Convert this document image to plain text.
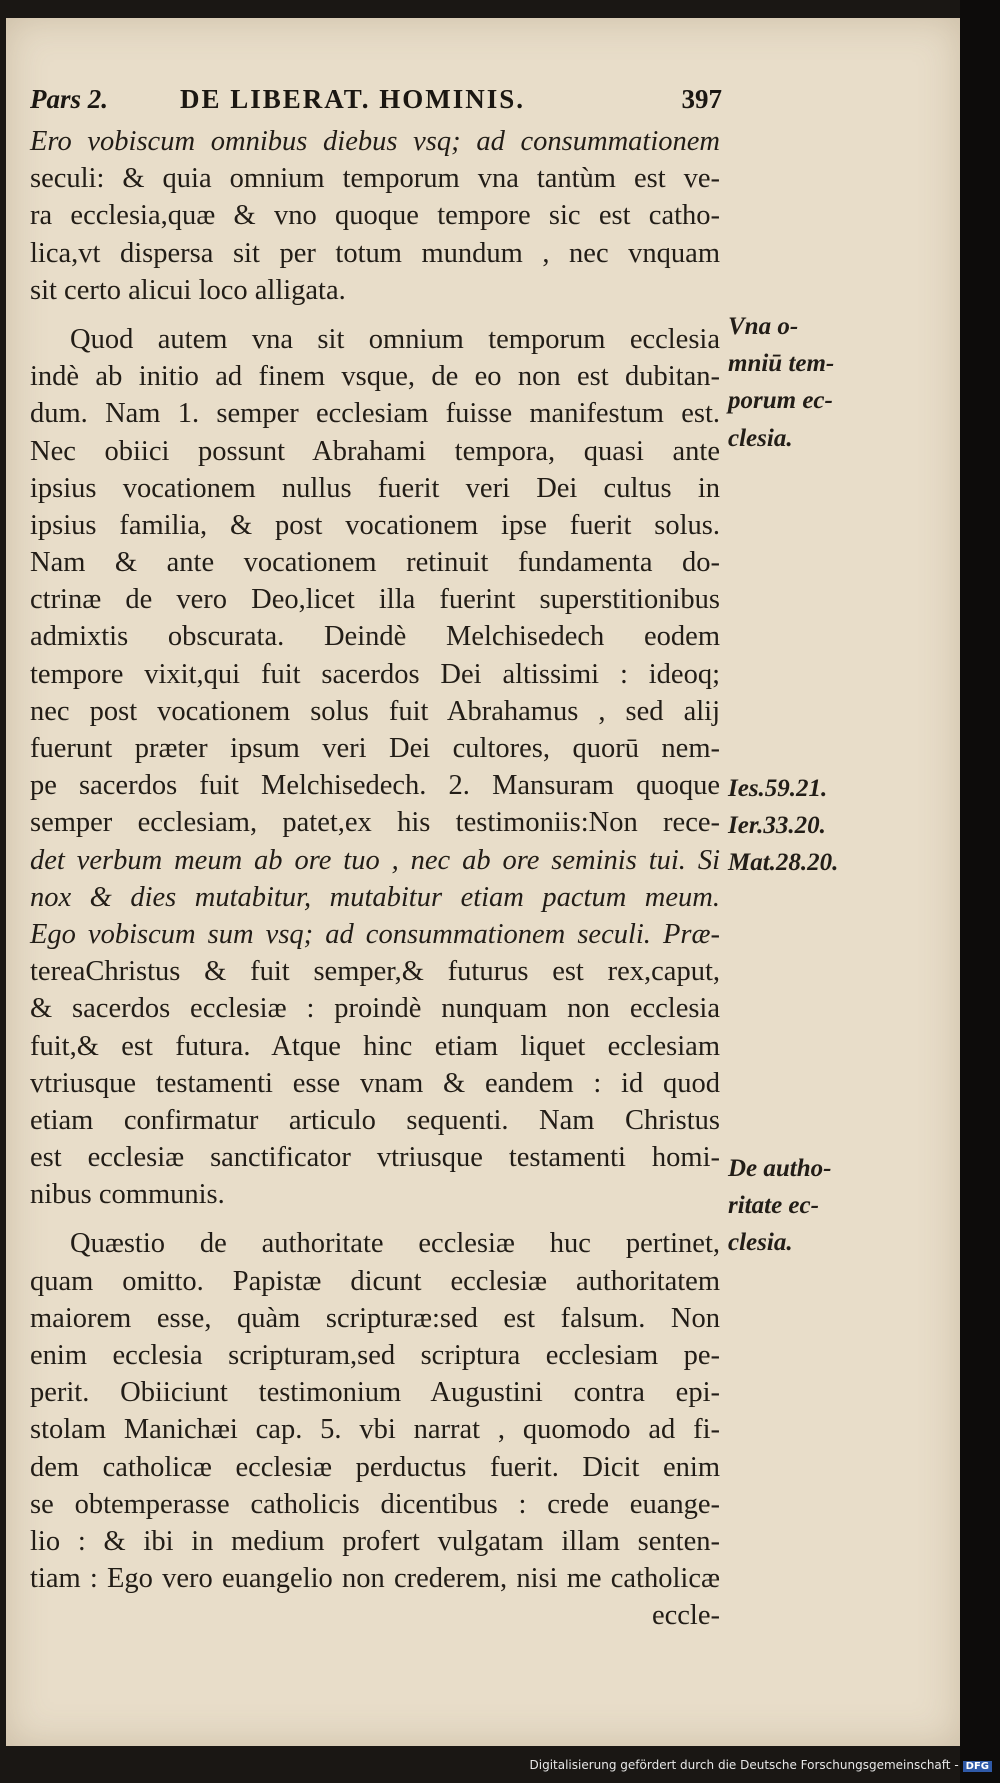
Pars 2.	DE LIBERAT. HOMINIS.	397
Ero vobiscum omnibus diebus vsq; ad consummationem
seculi: & quia omnium temporum vna tantùm est ve-
ra ecclesia,quæ & vno quoque tempore sic est catho-
lica,vt dispersa sit per totum mundum , nec vnquam
sit certo alicui loco alligata.
Quod autem vna sit omnium temporum ecclesia
indè ab initio ad finem vsque, de eo non est dubitan-
dum. Nam 1. semper ecclesiam fuisse manifestum est.
Nec obiici possunt Abrahami tempora, quasi ante
ipsius vocationem nullus fuerit veri Dei cultus in
ipsius familia, & post vocationem ipse fuerit solus.
Nam & ante vocationem retinuit fundamenta do-
ctrinæ de vero Deo,licet illa fuerint superstitionibus
admixtis obscurata. Deindè Melchisedech eodem
tempore vixit,qui fuit sacerdos Dei altissimi : ideoq;
nec post vocationem solus fuit Abrahamus , sed alij
fuerunt præter ipsum veri Dei cultores, quorū nem-
pe sacerdos fuit Melchisedech. 2. Mansuram quoque
semper ecclesiam, patet,ex his testimoniis:Non rece-
det verbum meum ab ore tuo , nec ab ore seminis tui. Si
nox & dies mutabitur, mutabitur etiam pactum meum.
Ego vobiscum sum vsq; ad consummationem seculi. Præ-
tereaChristus & fuit semper,& futurus est rex,caput,
& sacerdos ecclesiæ : proindè nunquam non ecclesia
fuit,& est futura. Atque hinc etiam liquet ecclesiam
vtriusque testamenti esse vnam & eandem : id quod
etiam confirmatur articulo sequenti. Nam Christus
est ecclesiæ sanctificator vtriusque testamenti homi-
nibus communis.
Quæstio de authoritate ecclesiæ huc pertinet,
quam omitto. Papistæ dicunt ecclesiæ authoritatem
maiorem esse, quàm scripturæ:sed est falsum. Non
enim ecclesia scripturam,sed scriptura ecclesiam pe-
perit. Obiiciunt testimonium Augustini contra epi-
stolam Manichæi cap. 5. vbi narrat , quomodo ad fi-
dem catholicæ ecclesiæ perductus fuerit. Dicit enim
se obtemperasse catholicis dicentibus : crede euange-
lio : & ibi in medium profert vulgatam illam senten-
tiam : Ego vero euangelio non crederem, nisi me catholicæ
eccle-
Vna o-
mniū tem-
porum ec-
clesia.
Ies.59.21.
Ier.33.20.
Mat.28.20.
De autho-
ritate ec-
clesia.
Digitalisierung gefördert durch die Deutsche Forschungsgemeinschaft - DFG
